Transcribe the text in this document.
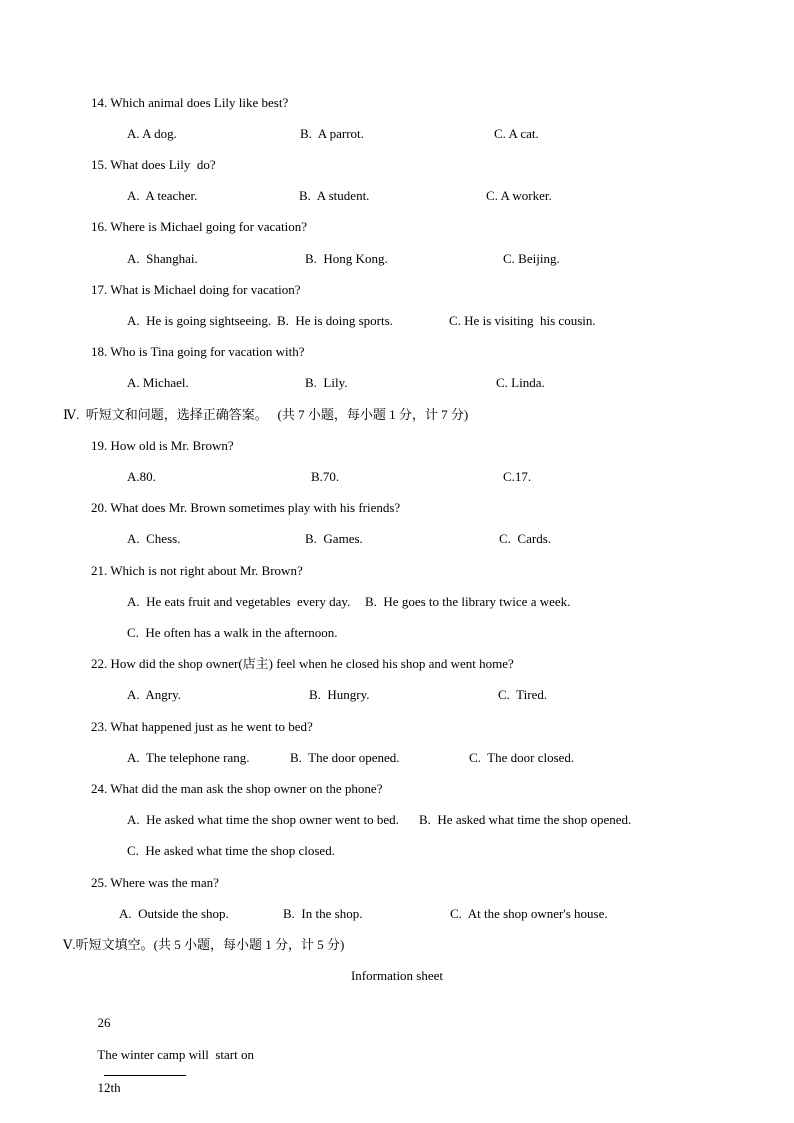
14. Which animal does Lily like best?

A. A dog.	B.  A parrot.	C. A cat.

15. What does Lily  do?

A.  A teacher.	B.  A student.	C. A worker.

16. Where is Michael going for vacation?

A.  Shanghai.	B.  Hong Kong.	C. Beijing.

17. What is Michael doing for vacation?

A.  He is going sightseeing. B.  He is doing sports.	C. He is visiting  his cousin.

18. Who is Tina going for vacation with?

A. Michael.	B.  Lily.	C. Linda.

Ⅳ.  听短文和问题，选择正确答案。   (共 7 小题，每小题 1 分，计 7 分)

19. How old is Mr. Brown?

A.80.	B.70.	C.17.

20. What does Mr. Brown sometimes play with his friends?

A.  Chess.	B.  Games.	C.  Cards.

21. Which is not right about Mr. Brown?

A.  He eats fruit and vegetables  every day. B.  He goes to the library twice a week.
C.  He often has a walk in the afternoon.

22. How did the shop owner(店主) feel when he closed his shop and went home?

A.  Angry.	B.  Hungry.	C.  Tired.

23. What happened just as he went to bed?

A.  The telephone rang.	B.  The door opened.	C.  The door closed.

24. What did the man ask the shop owner on the phone?

A.  He asked what time the shop owner went to bed. B.  He asked what time the shop opened.
C.  He asked what time the shop closed.

25. Where was the man?

A.  Outside the shop.	B.  In the shop.	C.  At the shop owner's house.

Ⅴ.听短文填空。(共 5 小题，每小题 1 分，计 5 分)

Information sheet

26

The winter camp will  start on

12th
